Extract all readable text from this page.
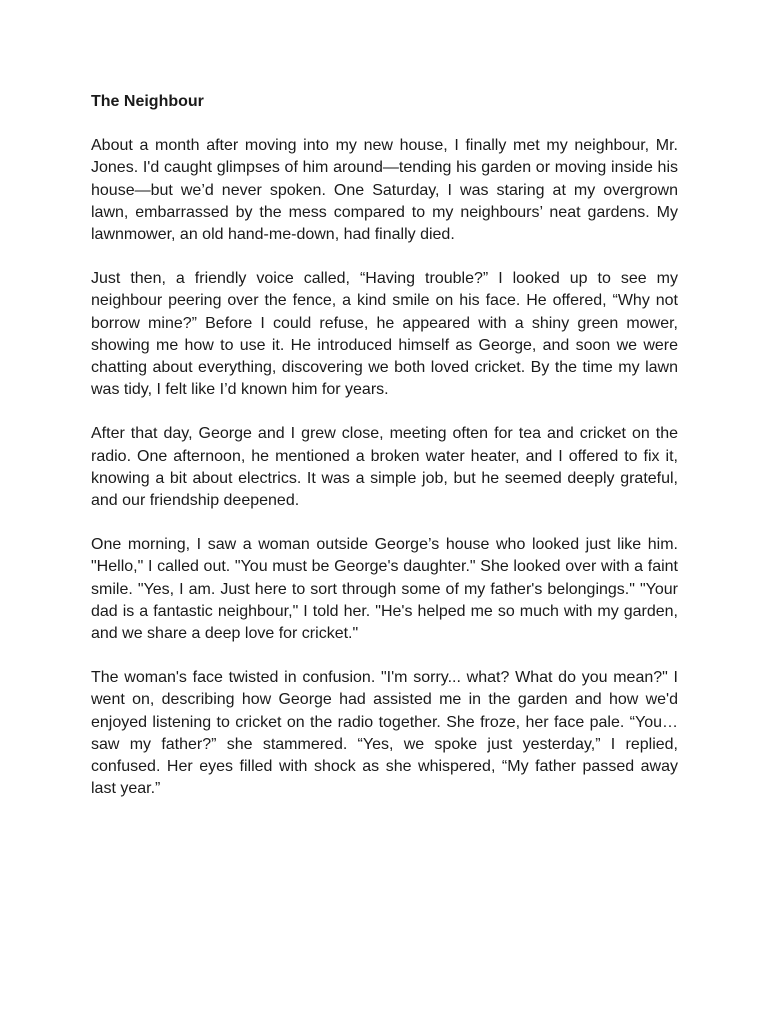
The Neighbour

About a month after moving into my new house, I finally met my neighbour, Mr. Jones. I'd caught glimpses of him around—tending his garden or moving inside his house—but we’d never spoken. One Saturday, I was staring at my overgrown lawn, embarrassed by the mess compared to my neighbours’ neat gardens. My lawnmower, an old hand-me-down, had finally died.

Just then, a friendly voice called, “Having trouble?” I looked up to see my neighbour peering over the fence, a kind smile on his face. He offered, “Why not borrow mine?” Before I could refuse, he appeared with a shiny green mower, showing me how to use it. He introduced himself as George, and soon we were chatting about everything, discovering we both loved cricket. By the time my lawn was tidy, I felt like I’d known him for years.

After that day, George and I grew close, meeting often for tea and cricket on the radio. One afternoon, he mentioned a broken water heater, and I offered to fix it, knowing a bit about electrics. It was a simple job, but he seemed deeply grateful, and our friendship deepened.

One morning, I saw a woman outside George’s house who looked just like him. "Hello," I called out. "You must be George's daughter." She looked over with a faint smile. "Yes, I am. Just here to sort through some of my father's belongings." "Your dad is a fantastic neighbour," I told her. "He's helped me so much with my garden, and we share a deep love for cricket."

The woman's face twisted in confusion. "I'm sorry... what? What do you mean?" I went on, describing how George had assisted me in the garden and how we'd enjoyed listening to cricket on the radio together. She froze, her face pale. “You… saw my father?” she stammered. “Yes, we spoke just yesterday,” I replied, confused. Her eyes filled with shock as she whispered, “My father passed away last year.”
